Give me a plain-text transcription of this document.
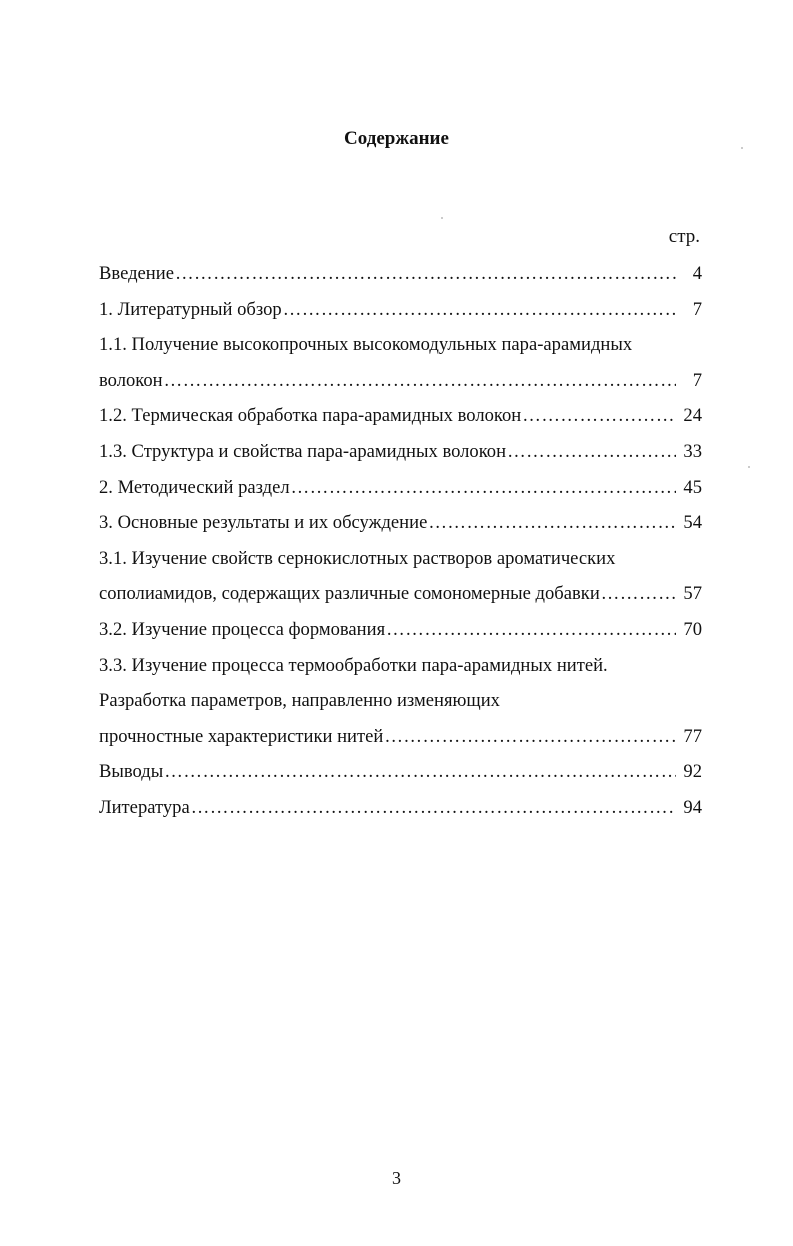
Содержание
стр.
Введение …………………………………………………………………………………………………………………………………………………………………	4
1. Литературный обзор …………………………………………………………………………………………………………………………………………………………………	7
1.1. Получение высокопрочных высокомодульных пара-арамидных
волокон …………………………………………………………………………………………………………………………………………………………………	7
1.2. Термическая обработка пара-арамидных волокон …………………………………………………………………………………………………………………………………………………………………	24
1.3. Структура и свойства пара-арамидных волокон …………………………………………………………………………………………………………………………………………………………………	33
2. Методический раздел …………………………………………………………………………………………………………………………………………………………………	45
3. Основные результаты и их обсуждение …………………………………………………………………………………………………………………………………………………………………	54
3.1. Изучение свойств сернокислотных растворов ароматических
сополиамидов, содержащих различные сомономерные добавки …………………………………………………………………………………………………………………………………………………………………	57
3.2. Изучение процесса формования …………………………………………………………………………………………………………………………………………………………………	70
3.3. Изучение процесса термообработки пара-арамидных нитей.
Разработка параметров, направленно изменяющих
прочностные характеристики нитей …………………………………………………………………………………………………………………………………………………………………	77
Выводы …………………………………………………………………………………………………………………………………………………………………	92
Литература …………………………………………………………………………………………………………………………………………………………………	94
3
